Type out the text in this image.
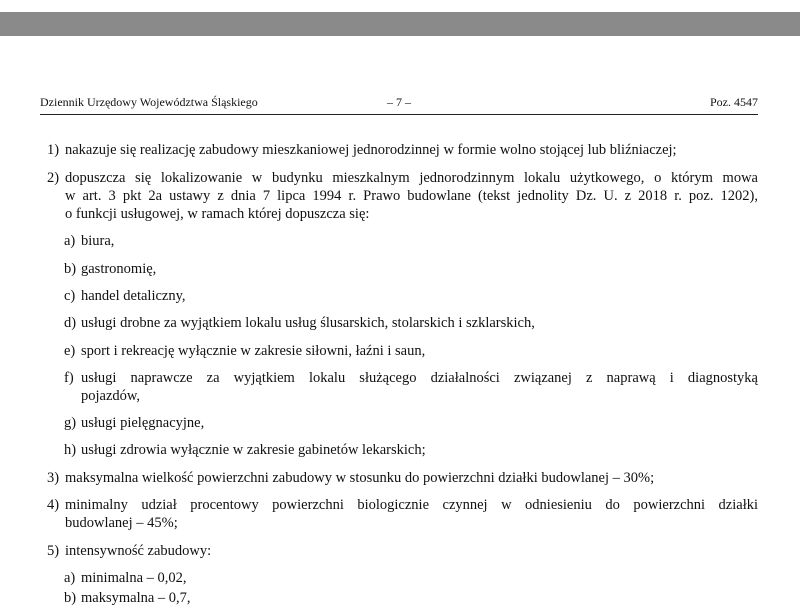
Dziennik Urzędowy Województwa Śląskiego	– 7 –	Poz. 4547
1) nakazuje się realizację zabudowy mieszkaniowej jednorodzinnej w formie wolno stojącej lub bliźniaczej;
2) dopuszcza się lokalizowanie w budynku mieszkalnym jednorodzinnym lokalu użytkowego, o którym mowa
w art. 3 pkt 2a ustawy z dnia 7 lipca 1994 r. Prawo budowlane (tekst jednolity Dz. U. z 2018 r. poz. 1202),
o funkcji usługowej, w ramach której dopuszcza się:
a) biura,
b) gastronomię,
c) handel detaliczny,
d) usługi drobne za wyjątkiem lokalu usług ślusarskich, stolarskich i szklarskich,
e) sport i rekreację wyłącznie w zakresie siłowni, łaźni i saun,
f) usługi naprawcze za wyjątkiem lokalu służącego działalności związanej z naprawą i diagnostyką
pojazdów,
g) usługi pielęgnacyjne,
h) usługi zdrowia wyłącznie w zakresie gabinetów lekarskich;
3) maksymalna wielkość powierzchni zabudowy w stosunku do powierzchni działki budowlanej – 30%;
4) minimalny udział procentowy powierzchni biologicznie czynnej w odniesieniu do powierzchni działki
budowlanej – 45%;
5) intensywność zabudowy:
a) minimalna – 0,02,
b) maksymalna – 0,7,
